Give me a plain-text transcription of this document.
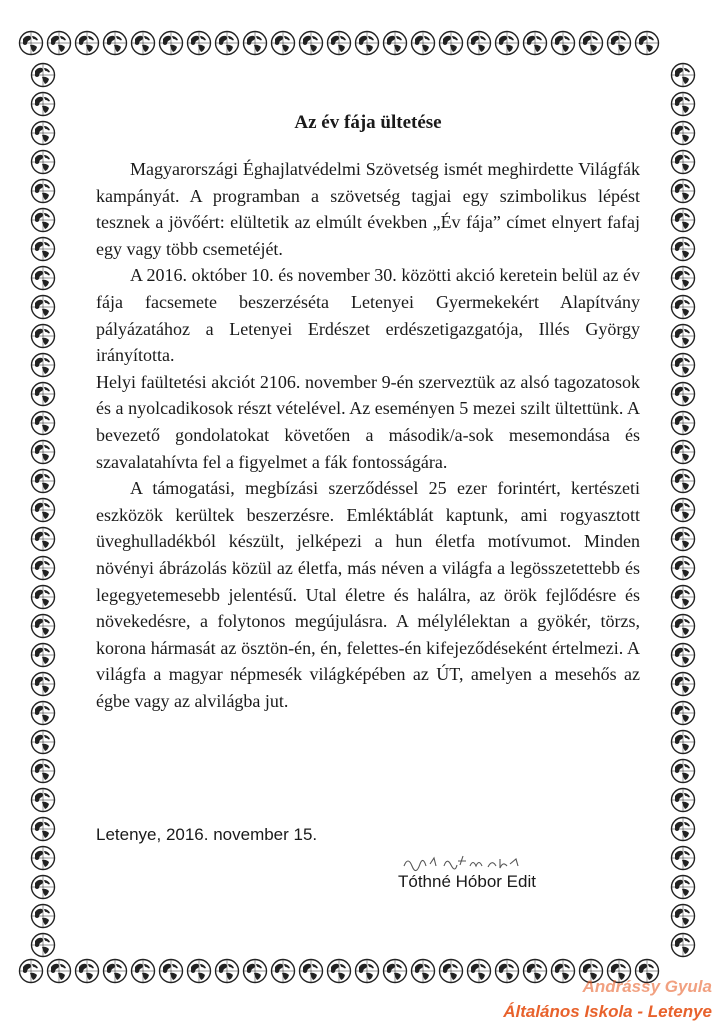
Az év fája ültetése

Magyarországi Éghajlatvédelmi Szövetség ismét meghirdette Világfák kampányát. A programban a szövetség tagjai egy szimbolikus lépést tesznek a jövőért: elültetik az elmúlt években „Év fája” címet elnyert fafaj egy vagy több csemetéjét.

A 2016. október 10. és november 30. közötti akció keretein belül az év fája facsemete beszerzéséta Letenyei Gyermekekért Alapítvány pályázatához a Letenyei Erdészet erdészetigazgatója, Illés György irányította.

Helyi faültetési akciót 2106. november 9-én szerveztük az alsó tagozatosok és a nyolcadikosok részt vételével. Az eseményen 5 mezei szilt ültettünk. A bevezető gondolatokat követően a második/a-sok mesemondása és szavalatahívta fel a figyelmet a fák fontosságára.

A támogatási, megbízási szerződéssel 25 ezer forintért, kertészeti eszközök kerültek beszerzésre. Emléktáblát kaptunk, ami rogyasztott üveghulladékból készült, jelképezi a hun életfa motívumot. Minden növényi ábrázolás közül az életfa, más néven a világfa a legösszetettebb és legegyetemesebb jelentésű. Utal életre és halálra, az örök fejlődésre és növekedésre, a folytonos megújulásra. A mélylélektan a gyökér, törzs, korona hármasát az ösztön-én, én, felettes-én kifejeződéseként értelmezi. A világfa a magyar népmesék világképében az ÚT, amelyen a mesehős az égbe vagy az alvilágba jut.

Letenye, 2016. november 15.
Tóthné Hóbor Edit
Andrássy Gyula
Általános Iskola - Letenye
